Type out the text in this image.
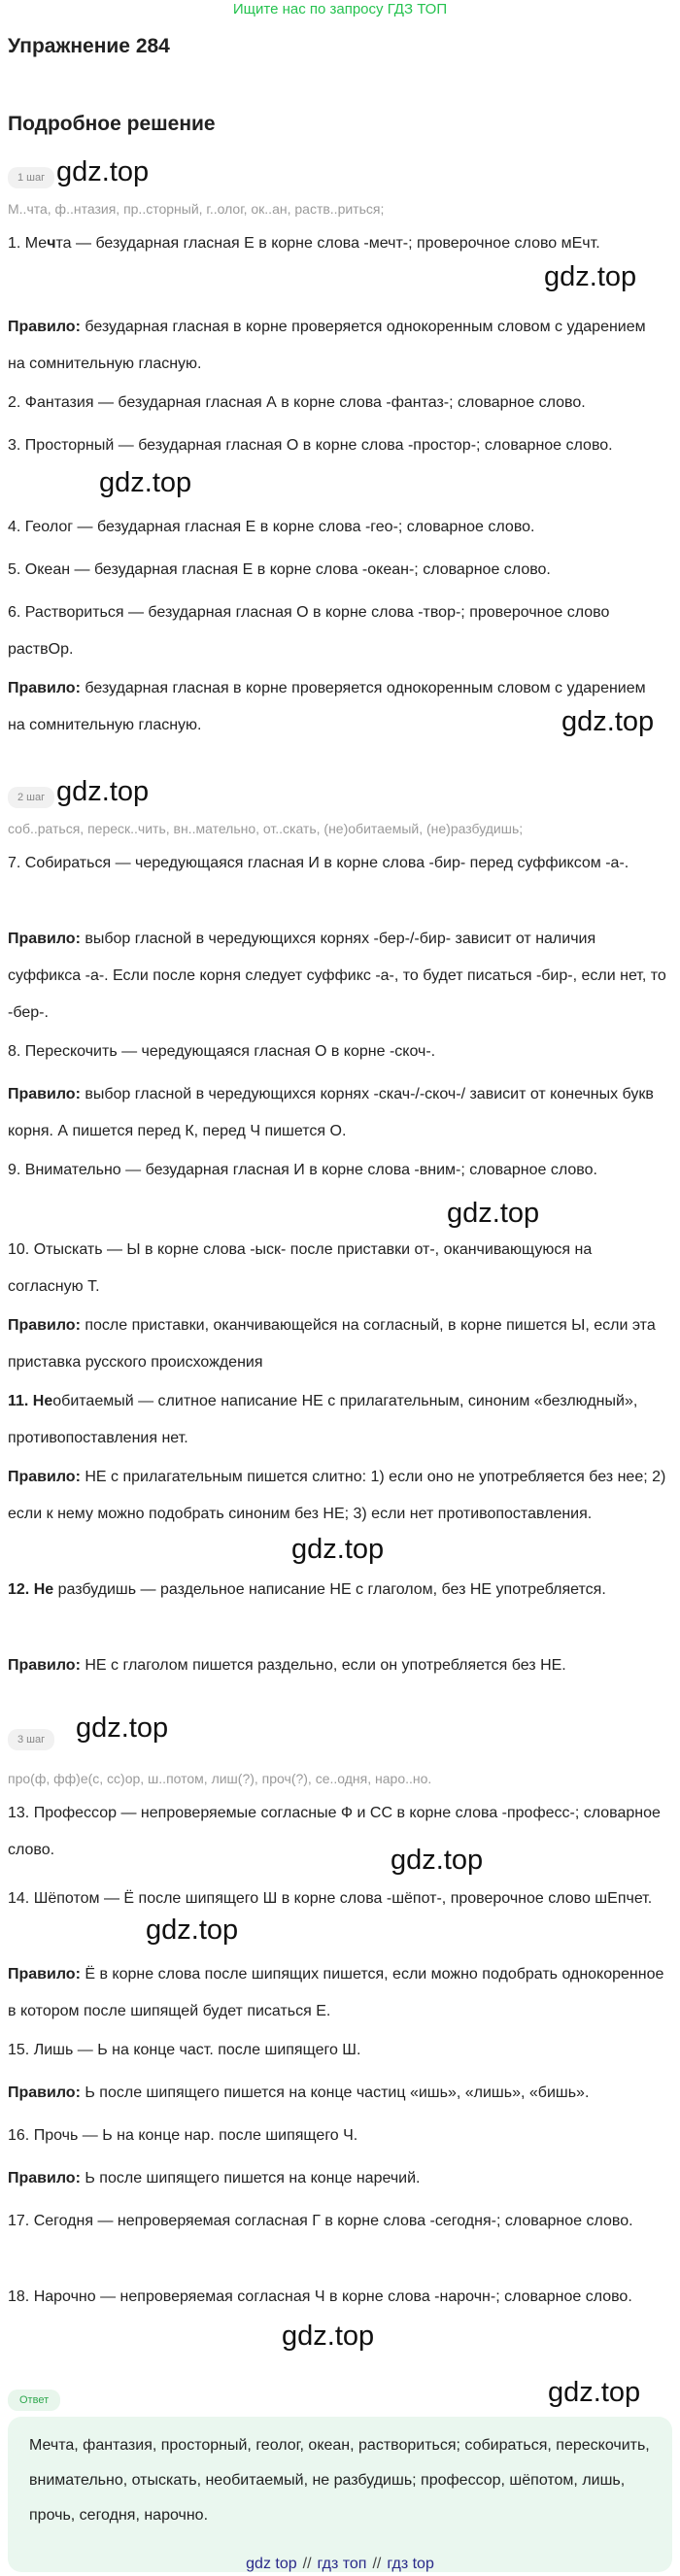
Ищите нас по запросу ГДЗ ТОП
Упражнение 284
Подробное решение
1 шаг gdz.top
М..чта, ф..нтазия, пр..сторный, г..олог, ок..ан, раств..риться;
1. Мечта — безударная гласная Е в корне слова -мечт-; проверочное слово мЕчт.
gdz.top
Правило: безударная гласная в корне проверяется однокоренным словом с ударением на сомнительную гласную.
2. Фантазия — безударная гласная А в корне слова -фантаз-; словарное слово.
3. Просторный — безударная гласная О в корне слова -простор-; словарное слово.
gdz.top
4. Геолог — безударная гласная Е в корне слова -гео-; словарное слово.
5. Океан — безударная гласная Е в корне слова -океан-; словарное слово.
6. Раствориться — безударная гласная О в корне слова -твор-; проверочное слово раствОр.
Правило: безударная гласная в корне проверяется однокоренным словом с ударением на сомнительную гласную.	gdz.top
2 шаг gdz.top
соб..раться, переск..чить, вн..мательно, от..скать, (не)обитаемый, (не)разбудишь;
7. Собираться — чередующаяся гласная И в корне слова -бир- перед суффиксом -а-.
Правило: выбор гласной в чередующихся корнях -бер-/-бир- зависит от наличия суффикса -а-. Если после корня следует суффикс -а-, то будет писаться -бир-, если нет, то -бер-.
8. Перескочить — чередующаяся гласная О в корне -скоч-.
Правило: выбор гласной в чередующихся корнях -скач-/-скоч-/ зависит от конечных букв корня. А пишется перед К, перед Ч пишется О.
9. Внимательно — безударная гласная И в корне слова -вним-; словарное слово.
gdz.top
10. Отыскать — Ы в корне слова -ыск- после приставки от-, оканчивающуюся на согласную Т.
Правило: после приставки, оканчивающейся на согласный, в корне пишется Ы, если эта приставка русского происхождения
11. Необитаемый — слитное написание НЕ с прилагательным, синоним «безлюдный», противопоставления нет.
Правило: НЕ с прилагательным пишется слитно: 1) если оно не употребляется без нее; 2) если к нему можно подобрать синоним без НЕ; 3) если нет противопоставления.
gdz.top
12. Не разбудишь — раздельное написание НЕ с глаголом, без НЕ употребляется.
Правило: НЕ с глаголом пишется раздельно, если он употребляется без НЕ.
gdz.top
3 шаг
про(ф, фф)е(с, сс)ор, ш..потом, лиш(?), проч(?), се..одня, наро..но.
13. Профессор — непроверяемые согласные Ф и СС в корне слова -професс-; словарное слово.	gdz.top
14. Шёпотом — Ё после шипящего Ш в корне слова -шёпот-, проверочное слово шЕпчет.
gdz.top
Правило: Ё в корне слова после шипящих пишется, если можно подобрать однокоренное в котором после шипящей будет писаться Е.
15. Лишь — Ь на конце част. после шипящего Ш.
Правило: Ь после шипящего пишется на конце частиц «ишь», «лишь», «бишь».
16. Прочь — Ь на конце нар. после шипящего Ч.
Правило: Ь после шипящего пишется на конце наречий.
17. Сегодня — непроверяемая согласная Г в корне слова -сегодня-; словарное слово.
18. Нарочно — непроверяемая согласная Ч в корне слова -нарочн-; словарное слово.
gdz.top
Ответ	gdz.top
Мечта, фантазия, просторный, геолог, океан, раствориться; собираться, перескочить, внимательно, отыскать, необитаемый, не разбудишь; профессор, шёпотом, лишь, прочь, сегодня, нарочно.
gdz top // гдз топ // гдз top
